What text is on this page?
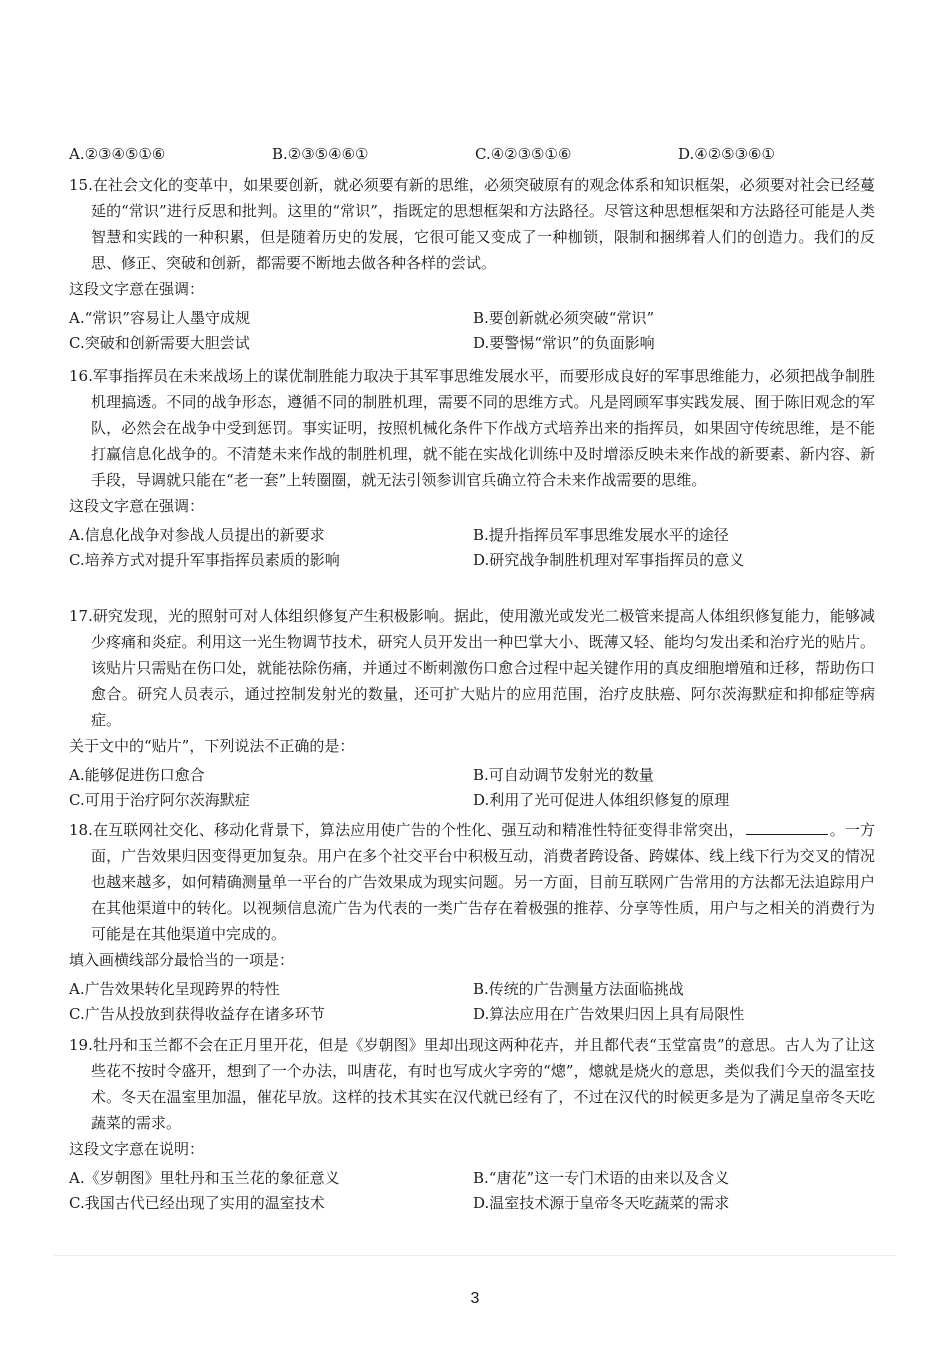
A.②③④⑤①⑥	B.②③⑤④⑥①	C.④②③⑤①⑥	D.④②⑤③⑥①

15.在社会文化的变革中，如果要创新，就必须要有新的思维，必须突破原有的观念体系和知识框架，必须要对社会已经蔓延的“常识”进行反思和批判。这里的“常识”，指既定的思想框架和方法路径。尽管这种思想框架和方法路径可能是人类智慧和实践的一种积累，但是随着历史的发展，它很可能又变成了一种枷锁，限制和捆绑着人们的创造力。我们的反思、修正、突破和创新，都需要不断地去做各种各样的尝试。

这段文字意在强调：

A.“常识”容易让人墨守成规	B.要创新就必须突破“常识”
C.突破和创新需要大胆尝试	D.要警惕“常识”的负面影响

16.军事指挥员在未来战场上的谋优制胜能力取决于其军事思维发展水平，而要形成良好的军事思维能力，必须把战争制胜机理搞透。不同的战争形态，遵循不同的制胜机理，需要不同的思维方式。凡是罔顾军事实践发展、囿于陈旧观念的军队，必然会在战争中受到惩罚。事实证明，按照机械化条件下作战方式培养出来的指挥员，如果固守传统思维，是不能打赢信息化战争的。不清楚未来作战的制胜机理，就不能在实战化训练中及时增添反映未来作战的新要素、新内容、新手段，导调就只能在“老一套”上转圈圈，就无法引领参训官兵确立符合未来作战需要的思维。

这段文字意在强调：

A.信息化战争对参战人员提出的新要求	B.提升指挥员军事思维发展水平的途径
C.培养方式对提升军事指挥员素质的影响	D.研究战争制胜机理对军事指挥员的意义

17.研究发现，光的照射可对人体组织修复产生积极影响。据此，使用激光或发光二极管来提高人体组织修复能力，能够减少疼痛和炎症。利用这一光生物调节技术，研究人员开发出一种巴掌大小、既薄又轻、能均匀发出柔和治疗光的贴片。该贴片只需贴在伤口处，就能祛除伤痛，并通过不断刺激伤口愈合过程中起关键作用的真皮细胞增殖和迁移，帮助伤口愈合。研究人员表示，通过控制发射光的数量，还可扩大贴片的应用范围，治疗皮肤癌、阿尔茨海默症和抑郁症等病症。

关于文中的“贴片”，下列说法不正确的是：

A.能够促进伤口愈合	B.可自动调节发射光的数量
C.可用于治疗阿尔茨海默症	D.利用了光可促进人体组织修复的原理

18.在互联网社交化、移动化背景下，算法应用使广告的个性化、强互动和精准性特征变得非常突出，	。一方面，广告效果归因变得更加复杂。用户在多个社交平台中积极互动，消费者跨设备、跨媒体、线上线下行为交叉的情况也越来越多，如何精确测量单一平台的广告效果成为现实问题。另一方面，目前互联网广告常用的方法都无法追踪用户在其他渠道中的转化。以视频信息流广告为代表的一类广告存在着极强的推荐、分享等性质，用户与之相关的消费行为可能是在其他渠道中完成的。

填入画横线部分最恰当的一项是：

A.广告效果转化呈现跨界的特性	B.传统的广告测量方法面临挑战
C.广告从投放到获得收益存在诸多环节	D.算法应用在广告效果归因上具有局限性

19.牡丹和玉兰都不会在正月里开花，但是《岁朝图》里却出现这两种花卉，并且都代表“玉堂富贵”的意思。古人为了让这些花不按时令盛开，想到了一个办法，叫唐花，有时也写成火字旁的“熜”，熜就是烧火的意思，类似我们今天的温室技术。冬天在温室里加温，催花早放。这样的技术其实在汉代就已经有了，不过在汉代的时候更多是为了满足皇帝冬天吃蔬菜的需求。

这段文字意在说明：

A.《岁朝图》里牡丹和玉兰花的象征意义	B.“唐花”这一专门术语的由来以及含义
C.我国古代已经出现了实用的温室技术	D.温室技术源于皇帝冬天吃蔬菜的需求
3
